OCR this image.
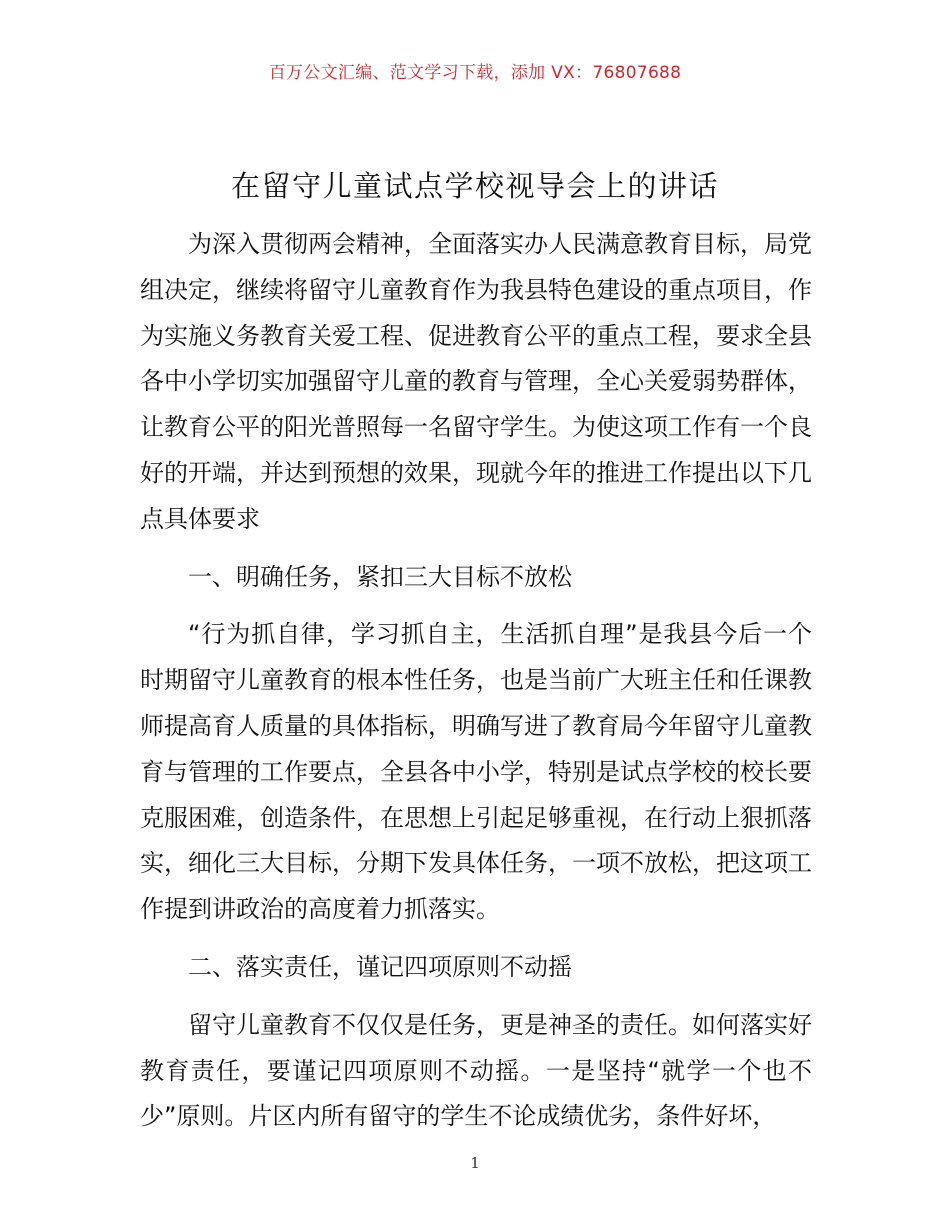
百万公文汇编、范文学习下载，添加 VX：76807688
在留守儿童试点学校视导会上的讲话

为深入贯彻两会精神，全面落实办人民满意教育目标，局党组决定，继续将留守儿童教育作为我县特色建设的重点项目，作为实施义务教育关爱工程、促进教育公平的重点工程，要求全县各中小学切实加强留守儿童的教育与管理，全心关爱弱势群体，让教育公平的阳光普照每一名留守学生。为使这项工作有一个良好的开端，并达到预想的效果，现就今年的推进工作提出以下几点具体要求

一、明确任务，紧扣三大目标不放松

“行为抓自律，学习抓自主，生活抓自理”是我县今后一个时期留守儿童教育的根本性任务，也是当前广大班主任和任课教师提高育人质量的具体指标，明确写进了教育局今年留守儿童教育与管理的工作要点，全县各中小学，特别是试点学校的校长要克服困难，创造条件，在思想上引起足够重视，在行动上狠抓落实，细化三大目标，分期下发具体任务，一项不放松，把这项工作提到讲政治的高度着力抓落实。

二、落实责任，谨记四项原则不动摇

留守儿童教育不仅仅是任务，更是神圣的责任。如何落实好教育责任，要谨记四项原则不动摇。一是坚持“就学一个也不少”原则。片区内所有留守的学生不论成绩优劣，条件好坏，

1
